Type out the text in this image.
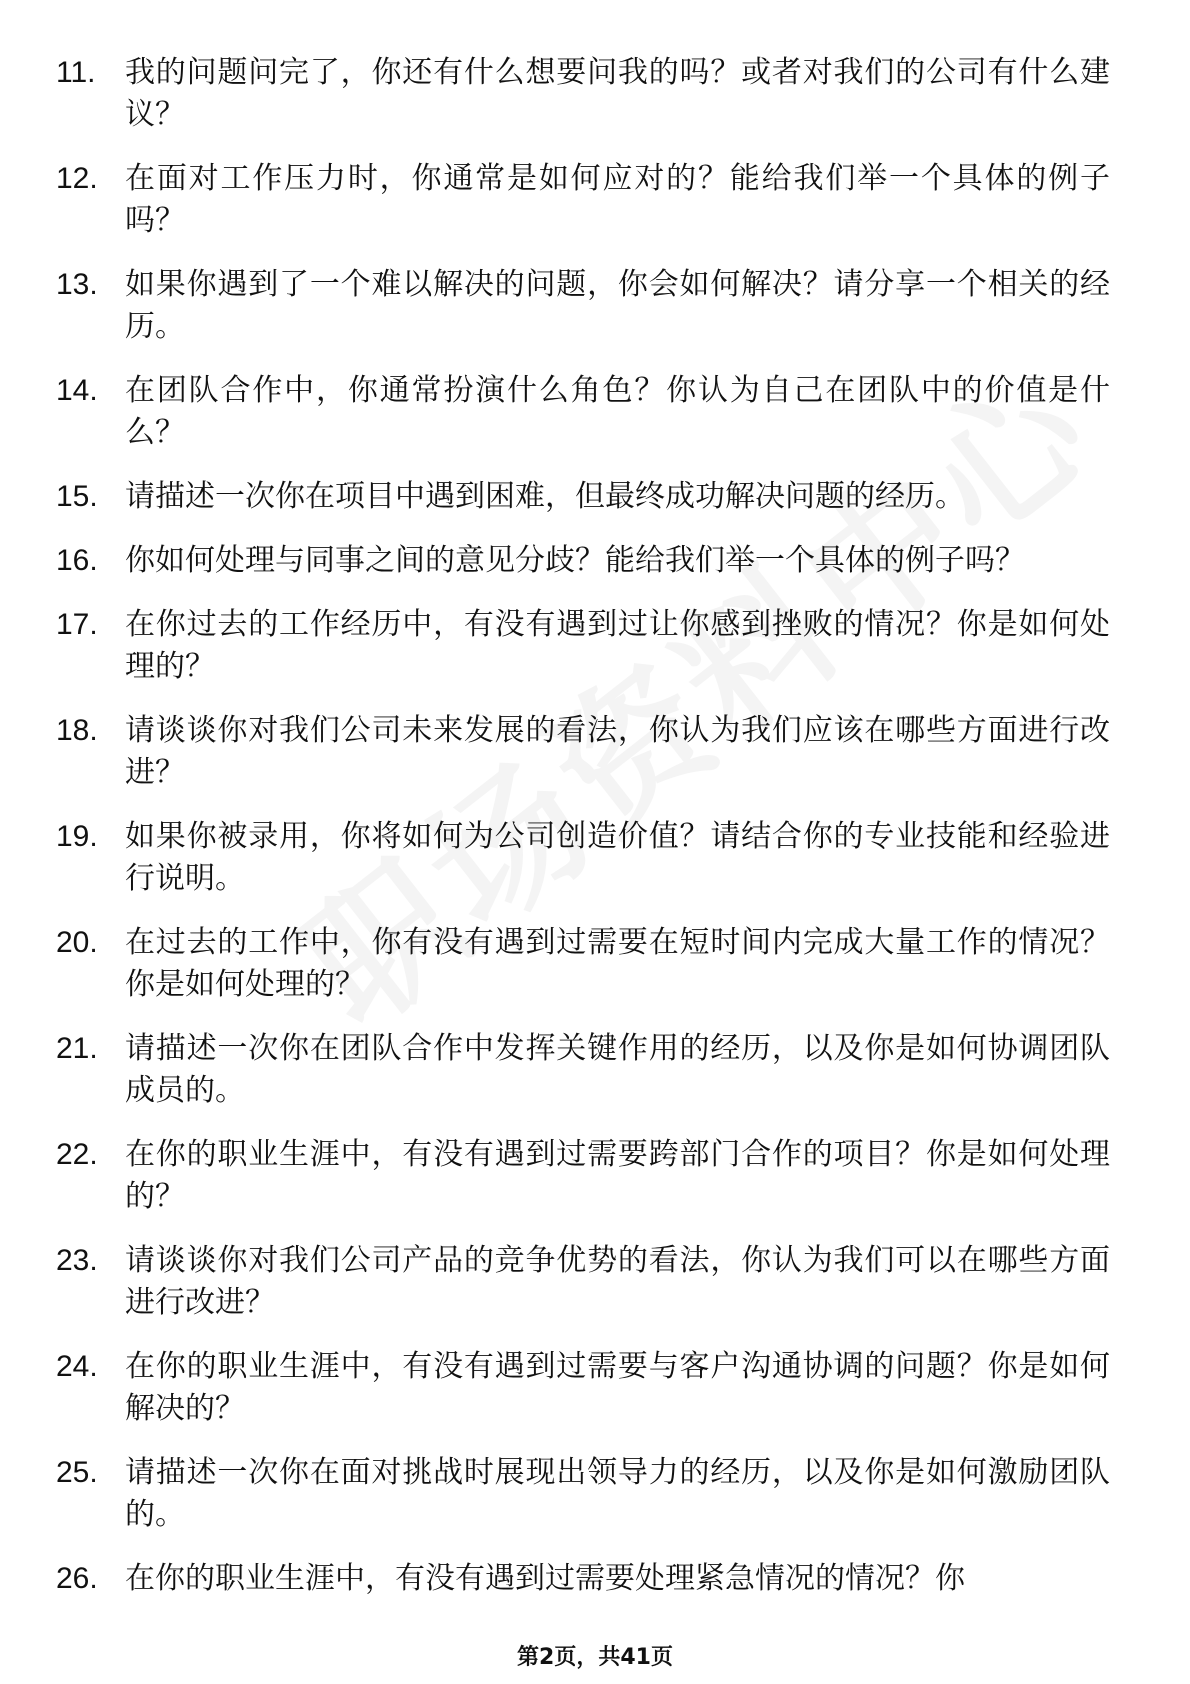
11. 我的问题问完了，你还有什么想要问我的吗？或者对我们的公司有什么建议？
12. 在面对工作压力时，你通常是如何应对的？能给我们举一个具体的例子吗？
13. 如果你遇到了一个难以解决的问题，你会如何解决？请分享一个相关的经历。
14. 在团队合作中，你通常扮演什么角色？你认为自己在团队中的价值是什么？
15. 请描述一次你在项目中遇到困难，但最终成功解决问题的经历。
16. 你如何处理与同事之间的意见分歧？能给我们举一个具体的例子吗？
17. 在你过去的工作经历中，有没有遇到过让你感到挫败的情况？你是如何处理的？
18. 请谈谈你对我们公司未来发展的看法，你认为我们应该在哪些方面进行改进？
19. 如果你被录用，你将如何为公司创造价值？请结合你的专业技能和经验进行说明。
20. 在过去的工作中，你有没有遇到过需要在短时间内完成大量工作的情况？你是如何处理的？
21. 请描述一次你在团队合作中发挥关键作用的经历，以及你是如何协调团队成员的。
22. 在你的职业生涯中，有没有遇到过需要跨部门合作的项目？你是如何处理的？
23. 请谈谈你对我们公司产品的竞争优势的看法，你认为我们可以在哪些方面进行改进？
24. 在你的职业生涯中，有没有遇到过需要与客户沟通协调的问题？你是如何解决的？
25. 请描述一次你在面对挑战时展现出领导力的经历，以及你是如何激励团队的。
26. 在你的职业生涯中，有没有遇到过需要处理紧急情况的情况？你
第2页，共41页
